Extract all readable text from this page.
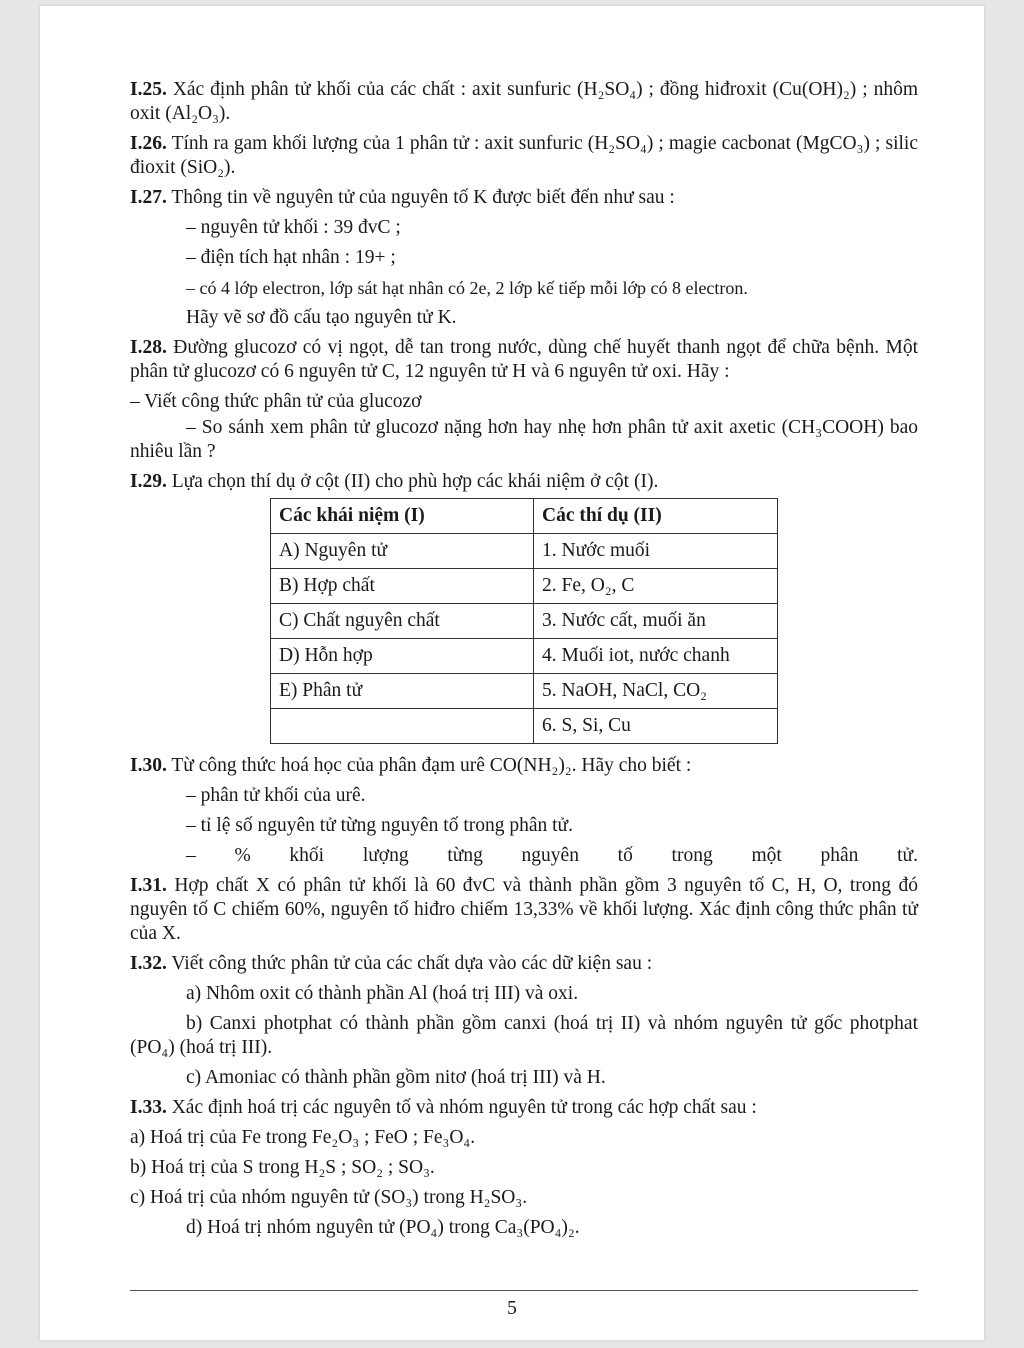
I.25. Xác định phân tử khối của các chất : axit sunfuric (H₂SO₄) ; đồng hiđroxit (Cu(OH)₂) ; nhôm oxit (Al₂O₃).

I.26. Tính ra gam khối lượng của 1 phân tử : axit sunfuric (H₂SO₄) ; magie cacbonat (MgCO₃) ; silic đioxit (SiO₂).

I.27. Thông tin về nguyên tử của nguyên tố K được biết đến như sau :

– nguyên tử khối : 39 đvC ;

– điện tích hạt nhân : 19+ ;

– có 4 lớp electron, lớp sát hạt nhân có 2e, 2 lớp kế tiếp mỗi lớp có 8 electron.

Hãy vẽ sơ đồ cấu tạo nguyên tử K.

I.28. Đường glucozơ có vị ngọt, dễ tan trong nước, dùng chế huyết thanh ngọt để chữa bệnh. Một phân tử glucozơ có 6 nguyên tử C, 12 nguyên tử H và 6 nguyên tử oxi. Hãy :

– Viết công thức phân tử của glucozơ

– So sánh xem phân tử glucozơ nặng hơn hay nhẹ hơn phân tử axit axetic (CH₃COOH) bao nhiêu lần ?

I.29. Lựa chọn thí dụ ở cột (II) cho phù hợp các khái niệm ở cột (I).

Các khái niệm (I)	Các thí dụ (II)
A) Nguyên tử	1. Nước muối
B) Hợp chất	2. Fe, O₂, C
C) Chất nguyên chất	3. Nước cất, muối ăn
D) Hỗn hợp	4. Muối iot, nước chanh
E) Phân tử	5. NaOH, NaCl, CO₂
	6. S, Si, Cu

I.30. Từ công thức hoá học của phân đạm urê CO(NH₂)₂. Hãy cho biết :

– phân tử khối của urê.

– tỉ lệ số nguyên tử từng nguyên tố trong phân tử.

– % khối lượng từng nguyên tố trong một phân tử.

I.31. Hợp chất X có phân tử khối là 60 đvC và thành phần gồm 3 nguyên tố C, H, O, trong đó nguyên tố C chiếm 60%, nguyên tố hiđro chiếm 13,33% về khối lượng. Xác định công thức phân tử của X.

I.32. Viết công thức phân tử của các chất dựa vào các dữ kiện sau :

a) Nhôm oxit có thành phần Al (hoá trị III) và oxi.

b) Canxi photphat có thành phần gồm canxi (hoá trị II) và nhóm nguyên tử gốc photphat (PO₄) (hoá trị III).

c) Amoniac có thành phần gồm nitơ (hoá trị III) và H.

I.33. Xác định hoá trị các nguyên tố và nhóm nguyên tử trong các hợp chất sau :

a) Hoá trị của Fe trong Fe₂O₃ ; FeO ; Fe₃O₄.

b) Hoá trị của S trong H₂S ; SO₂ ; SO₃.

c) Hoá trị của nhóm nguyên tử (SO₃) trong H₂SO₃.

d) Hoá trị nhóm nguyên tử (PO₄) trong Ca₃(PO₄)₂.

5
